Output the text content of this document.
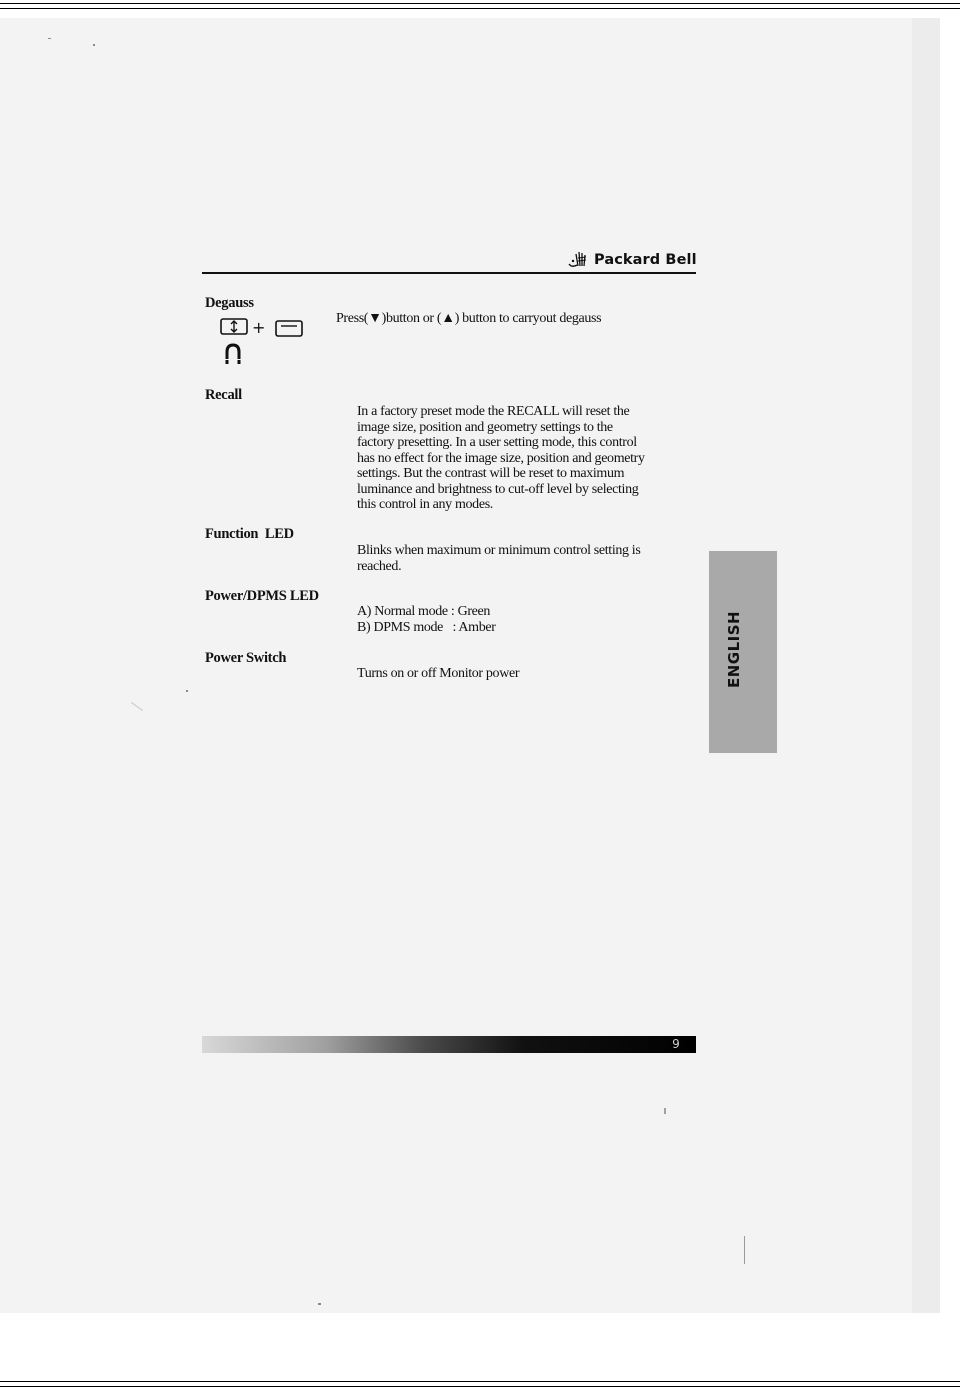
Packard Bell
Degauss
+	Press(▼)button or (▲) button to carryout degauss
Recall
In a factory preset mode the RECALL will reset the
image size, position and geometry settings to the
factory presetting. In a user setting mode, this control
has no effect for the image size, position and geometry
settings. But the contrast will be reset to maximum
luminance and brightness to cut-off level by selecting
this control in any modes.
Function  LED
Blinks when maximum or minimum control setting is
reached.
Power/DPMS LED
A) Normal mode : Green
B) DPMS mode   : Amber
Power Switch
Turns on or off Monitor power	ENGLISH
9
